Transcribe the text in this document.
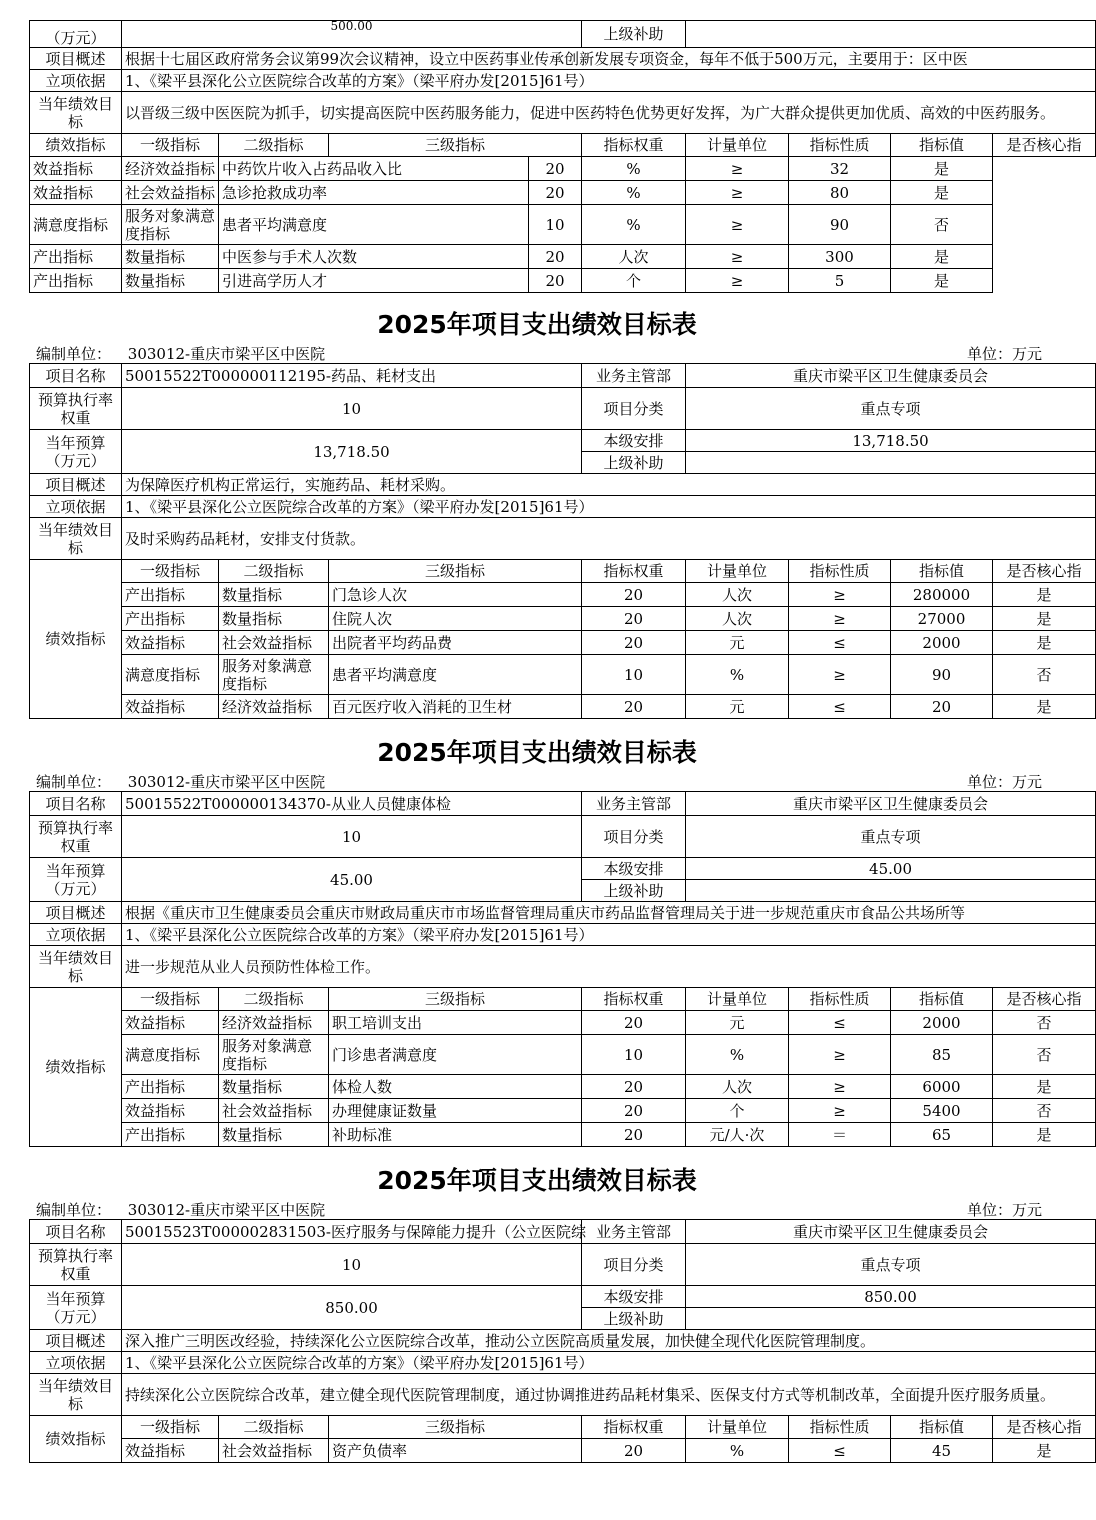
（万元）	500.00				上级补助				
项目概述	根据十七届区政府常务会议第99次会议精神，设立中医药事业传承创新发展专项资金，每年不低于500万元，主要用于：区中医								
立项依据	1、《梁平县深化公立医院综合改革的方案》（梁平府办发[2015]61号）								
当年绩效目标	以晋级三级中医医院为抓手，切实提高医院中医药服务能力，促进中医药特色优势更好发挥，为广大群众提供更加优质、高效的中医药服务。								
绩效指标	一级指标	二级指标	三级指标		指标权重	计量单位	指标性质	指标值	是否核心指
效益指标	经济效益指标	中药饮片收入占药品收入比		20	%	≥	32	是	
效益指标	社会效益指标	急诊抢救成功率		20	%	≥	80	是	
满意度指标	服务对象满意度指标	患者平均满意度		10	%	≥	90	否	
产出指标	数量指标	中医参与手术人次数		20	人次	≥	300	是	
产出指标	数量指标	引进高学历人才		20	个	≥	5	是	
2025年项目支出绩效目标表
编制单位： 303012-重庆市梁平区中医院	单位：万元
项目名称	50015522T000000112195-药品、耗材支出			业务主管部	重庆市梁平区卫生健康委员会			
预算执行率权重	10			项目分类	重点专项			
当年预算（万元）	13,718.50			本级安排	13,718.50			
				上级补助				
项目概述	为保障医疗机构正常运行，实施药品、耗材采购。							
立项依据	1、《梁平县深化公立医院综合改革的方案》（梁平府办发[2015]61号）							
当年绩效目标	及时采购药品耗材，安排支付货款。							
绩效指标	一级指标	二级指标	三级指标	指标权重	计量单位	指标性质	指标值	是否核心指
	产出指标	数量指标	门急诊人次	20	人次	≥	280000	是
	产出指标	数量指标	住院人次	20	人次	≥	27000	是
	效益指标	社会效益指标	出院者平均药品费	20	元	≤	2000	是
	满意度指标	服务对象满意度指标	患者平均满意度	10	%	≥	90	否
	效益指标	经济效益指标	百元医疗收入消耗的卫生材	20	元	≤	20	是
2025年项目支出绩效目标表
编制单位： 303012-重庆市梁平区中医院	单位：万元
项目名称	50015522T000000134370-从业人员健康体检			业务主管部	重庆市梁平区卫生健康委员会			
预算执行率权重	10			项目分类	重点专项			
当年预算（万元）	45.00			本级安排	45.00			
				上级补助				
项目概述	根据《重庆市卫生健康委员会重庆市财政局重庆市市场监督管理局重庆市药品监督管理局关于进一步规范重庆市食品公共场所等							
立项依据	1、《梁平县深化公立医院综合改革的方案》（梁平府办发[2015]61号）							
当年绩效目标	进一步规范从业人员预防性体检工作。							
绩效指标	一级指标	二级指标	三级指标	指标权重	计量单位	指标性质	指标值	是否核心指
	效益指标	经济效益指标	职工培训支出	20	元	≤	2000	否
	满意度指标	服务对象满意度指标	门诊患者满意度	10	%	≥	85	否
	产出指标	数量指标	体检人数	20	人次	≥	6000	是
	效益指标	社会效益指标	办理健康证数量	20	个	≥	5400	否
	产出指标	数量指标	补助标准	20	元/人·次	＝	65	是
2025年项目支出绩效目标表
编制单位： 303012-重庆市梁平区中医院	单位：万元
项目名称	50015523T000002831503-医疗服务与保障能力提升（公立医院综			业务主管部	重庆市梁平区卫生健康委员会			
预算执行率权重	10			项目分类	重点专项			
当年预算（万元）	850.00			本级安排	850.00			
				上级补助				
项目概述	深入推广三明医改经验，持续深化公立医院综合改革，推动公立医院高质量发展，加快健全现代化医院管理制度。							
立项依据	1、《梁平县深化公立医院综合改革的方案》（梁平府办发[2015]61号）							
当年绩效目标	持续深化公立医院综合改革，建立健全现代医院管理制度，通过协调推进药品耗材集采、医保支付方式等机制改革，全面提升医疗服务质量。							
绩效指标	一级指标	二级指标	三级指标	指标权重	计量单位	指标性质	指标值	是否核心指
	效益指标	社会效益指标	资产负债率	20	%	≤	45	是
